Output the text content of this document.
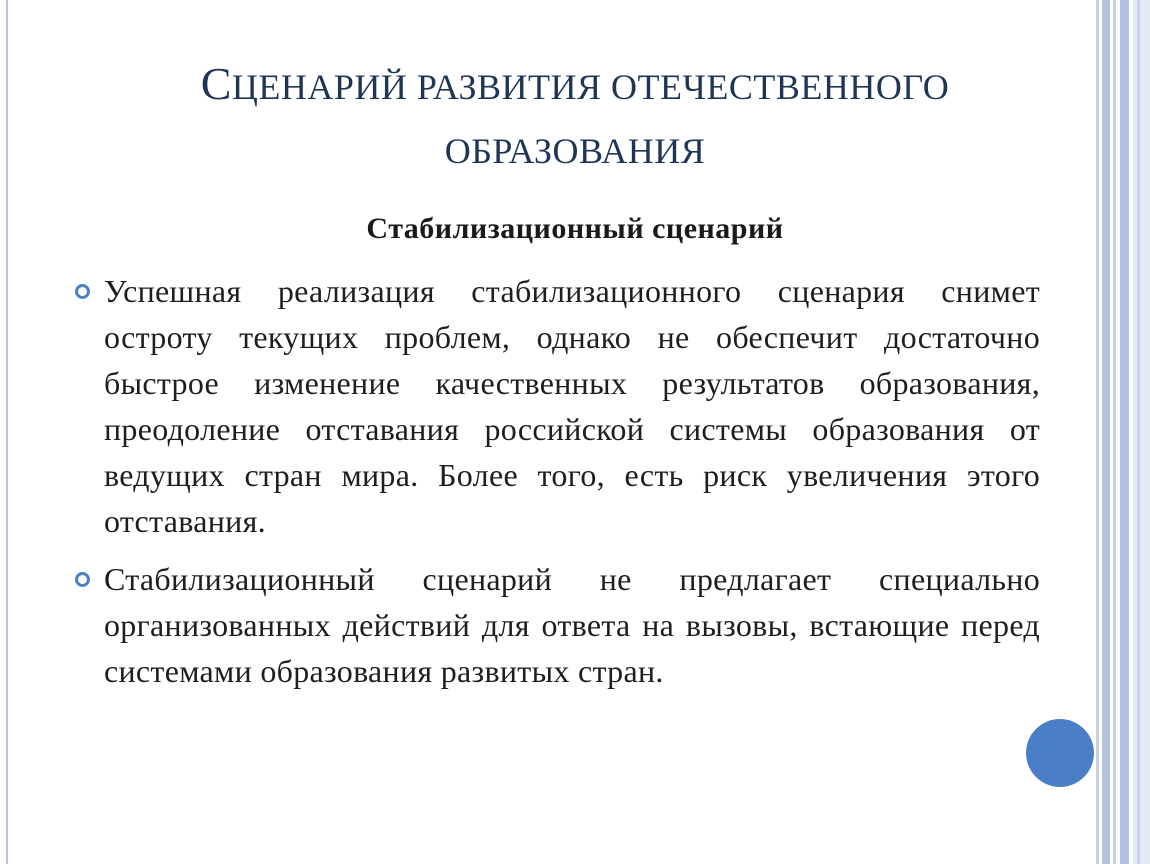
СЦЕНАРИЙ РАЗВИТИЯ ОТЕЧЕСТВЕННОГО
ОБРАЗОВАНИЯ

Стабилизационный сценарий

Успешная реализация стабилизационного сценария снимет остроту текущих проблем, однако не обеспечит достаточно быстрое изменение качественных результатов образования, преодоление отставания российской системы образования от ведущих стран мира. Более того, есть риск увеличения этого отставания.
Стабилизационный сценарий не предлагает специально организованных действий для ответа на вызовы, встающие перед системами образования развитых стран.
